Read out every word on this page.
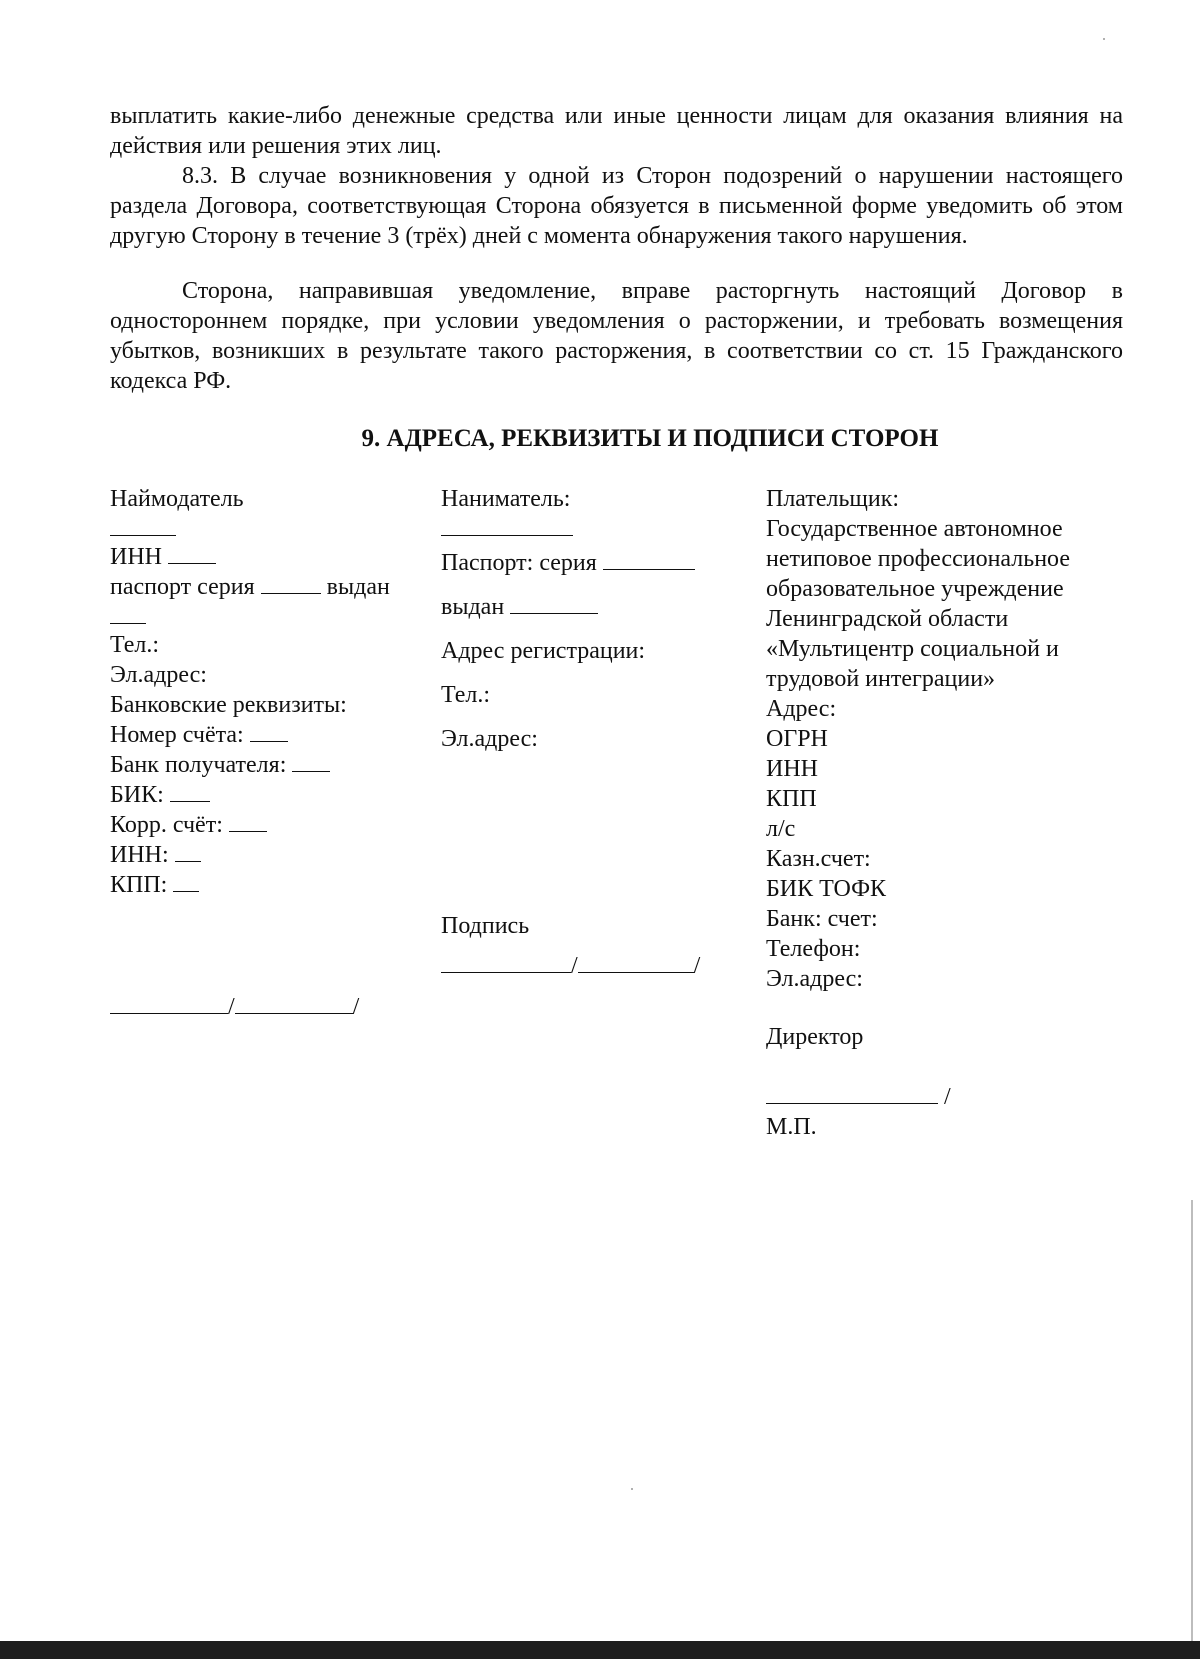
выплатить какие-либо денежные средства или иные ценности лицам для оказания влияния на действия или решения этих лиц.

8.3. В случае возникновения у одной из Сторон подозрений о нарушении настоящего раздела Договора, соответствующая Сторона обязуется в письменной форме уведомить об этом другую Сторону в течение 3 (трёх) дней с момента обнаружения такого нарушения.

Сторона, направившая уведомление, вправе расторгнуть настоящий Договор в одностороннем порядке, при условии уведомления о расторжении, и требовать возмещения убытков, возникших в результате такого расторжения, в соответствии со ст. 15 Гражданского кодекса РФ.

9. АДРЕСА, РЕКВИЗИТЫ И ПОДПИСИ СТОРОН
Наймодатель
ИНН
паспорт серия	выдан
Тел.:
Эл.адрес:
Банковские реквизиты:
Номер счёта:
Банк получателя:
БИК:
Корр. счёт:
ИНН:
КПП:
/	/
Наниматель:
Паспорт: серия
выдан
Адрес регистрации:
Тел.:
Эл.адрес:
Подпись
/	/
Плательщик:
Государственное автономное
нетиповое профессиональное
образовательное учреждение
Ленинградской области
«Мультицентр социальной и
трудовой интеграции»
Адрес:
ОГРН
ИНН
КПП
л/с
Казн.счет:
БИК ТОФК
Банк: счет:
Телефон:
Эл.адрес:
Директор
/
М.П.
